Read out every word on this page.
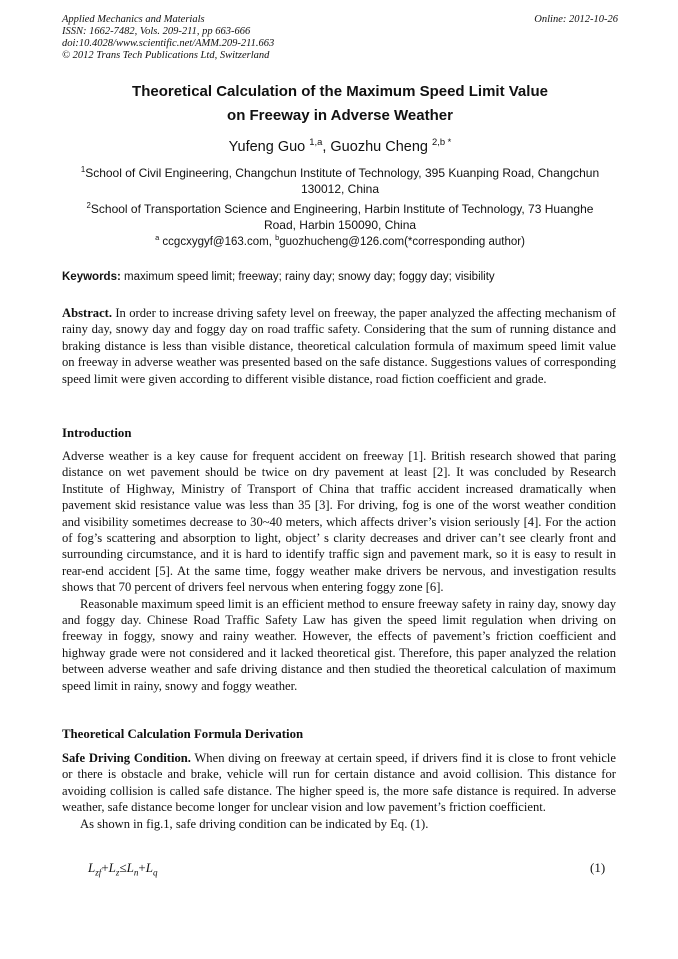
Applied Mechanics and Materials
ISSN: 1662-7482, Vols. 209-211, pp 663-666
doi:10.4028/www.scientific.net/AMM.209-211.663
© 2012 Trans Tech Publications Ltd, Switzerland
Online: 2012-10-26
Theoretical Calculation of the Maximum Speed Limit Value
on Freeway in Adverse Weather
Yufeng Guo $^{1,a}$, Guozhu Cheng $^{2,b *}$
$^1$School of Civil Engineering, Changchun Institute of Technology, 395 Kuanping Road, Changchun
130012, China
$^2$School of Transportation Science and Engineering, Harbin Institute of Technology, 73 Huanghe
Road, Harbin 150090, China
$^a$ ccgcxygyf@163.com, $^b$guozhucheng@126.com(*corresponding author)
Keywords: maximum speed limit; freeway; rainy day; snowy day; foggy day; visibility
Abstract. In order to increase driving safety level on freeway, the paper analyzed the affecting mechanism of rainy day, snowy day and foggy day on road traffic safety. Considering that the sum of running distance and braking distance is less than visible distance, theoretical calculation formula of maximum speed limit value on freeway in adverse weather was presented based on the safe distance. Suggestions values of corresponding speed limit were given according to different visible distance, road fiction coefficient and grade.
Introduction

Adverse weather is a key cause for frequent accident on freeway [1]. British research showed that paring distance on wet pavement should be twice on dry pavement at least [2]. It was concluded by Research Institute of Highway, Ministry of Transport of China that traffic accident increased dramatically when pavement skid resistance value was less than 35 [3]. For driving, fog is one of the worst weather condition and visibility sometimes decrease to 30~40 meters, which affects driver’s vision seriously [4]. For the action of fog’s scattering and absorption to light, object’ s clarity decreases and driver can’t see clearly front and surrounding circumstance, and it is hard to identify traffic sign and pavement mark, so it is easy to result in rear-end accident [5]. At the same time, foggy weather make drivers be nervous, and investigation results shows that 70 percent of drivers feel nervous when entering foggy zone [6].

Reasonable maximum speed limit is an efficient method to ensure freeway safety in rainy day, snowy day and foggy day. Chinese Road Traffic Safety Law has given the speed limit regulation when driving on freeway in foggy, snowy and rainy weather. However, the effects of pavement’s friction coefficient and highway grade were not considered and it lacked theoretical gist. Therefore, this paper analyzed the relation between adverse weather and safe driving distance and then studied the theoretical calculation of maximum speed limit in rainy, snowy and foggy weather.

Theoretical Calculation Formula Derivation

Safe Driving Condition. When diving on freeway at certain speed, if drivers find it is close to front vehicle or there is obstacle and brake, vehicle will run for certain distance and avoid collision. This distance for avoiding collision is called safe distance. The higher speed is, the more safe distance is required. In adverse weather, safe distance become longer for unclear vision and low pavement’s friction coefficient.

As shown in fig.1, safe driving condition can be indicated by Eq. (1).

$L_{zf}+L_z\le L_n+L_q$	(1)
